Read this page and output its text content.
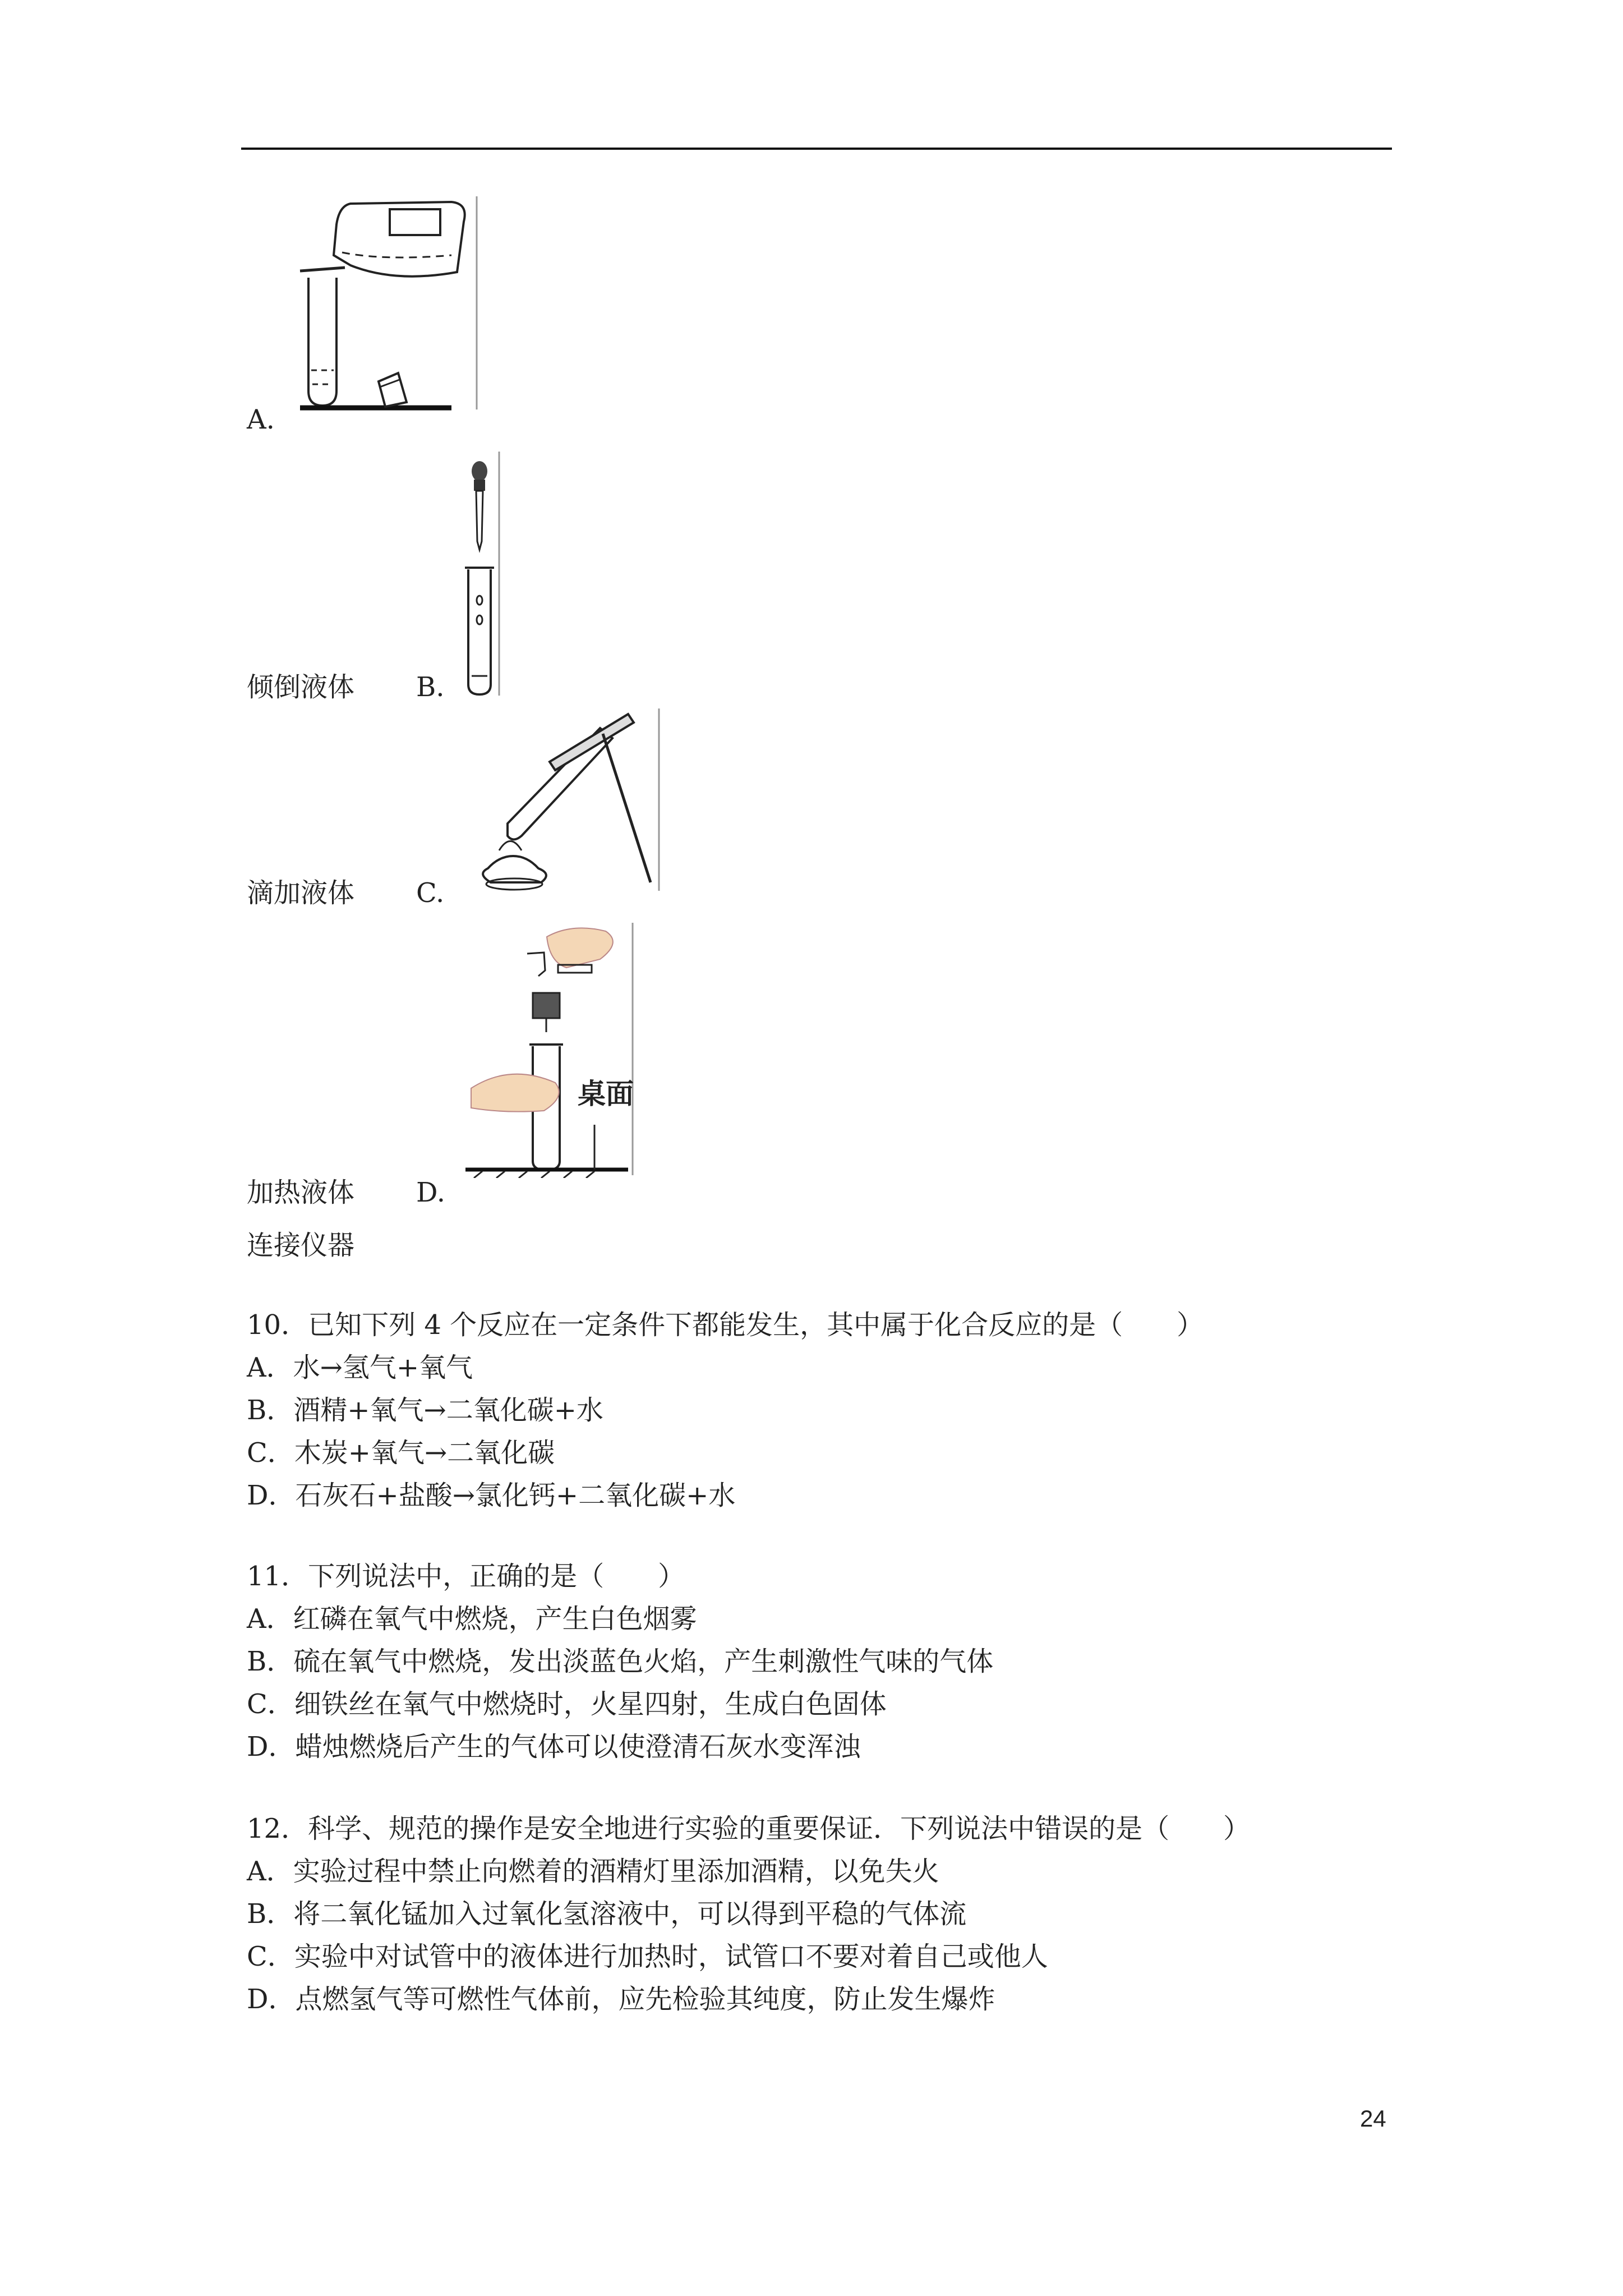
A.
倾倒液体 B.
滴加液体 C.
桌面
加热液体 D.
连接仪器
10．已知下列 4 个反应在一定条件下都能发生，其中属于化合反应的是（　　）
A．水→氢气+氧气
B．酒精+氧气→二氧化碳+水
C．木炭+氧气→二氧化碳
D．石灰石+盐酸→氯化钙+二氧化碳+水
11．下列说法中，正确的是（　　）
A．红磷在氧气中燃烧，产生白色烟雾
B．硫在氧气中燃烧，发出淡蓝色火焰，产生刺激性气味的气体
C．细铁丝在氧气中燃烧时，火星四射，生成白色固体
D．蜡烛燃烧后产生的气体可以使澄清石灰水变浑浊
12．科学、规范的操作是安全地进行实验的重要保证．下列说法中错误的是（　　）
A．实验过程中禁止向燃着的酒精灯里添加酒精，以免失火
B．将二氧化锰加入过氧化氢溶液中，可以得到平稳的气体流
C．实验中对试管中的液体进行加热时，试管口不要对着自己或他人
D．点燃氢气等可燃性气体前，应先检验其纯度，防止发生爆炸
24
